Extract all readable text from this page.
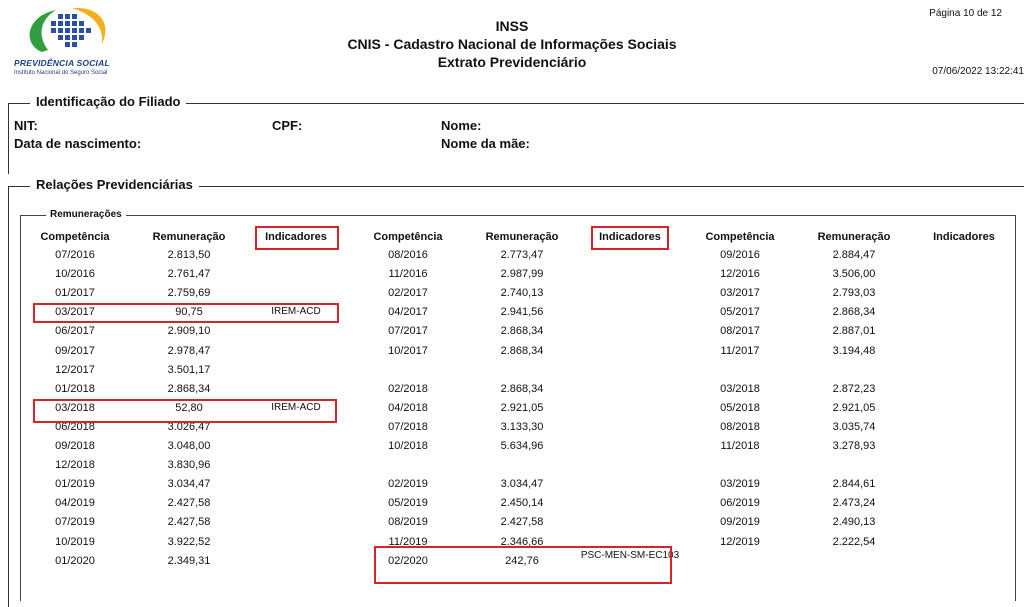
PREVIDÊNCIA SOCIAL
Instituto Nacional do Seguro Social
INSS
CNIS - Cadastro Nacional de Informações Sociais
Extrato Previdenciário
Página 10 de 12
07/06/2022 13:22:41
Identificação do Filiado
NIT:	CPF:	Nome:
Data de nascimento:	Nome da mãe:
Relações Previdenciárias
Remunerações
Competência	Remuneração	Indicadores	Competência	Remuneração	Indicadores	Competência	Remuneração	Indicadores
07/2016	2.813,50	08/2016	2.773,47	09/2016	2.884,47
10/2016	2.761,47	11/2016	2.987,99	12/2016	3.506,00
01/2017	2.759,69	02/2017	2.740,13	03/2017	2.793,03
03/2017	90,75	IREM-ACD	04/2017	2.941,56	05/2017	2.868,34
06/2017	2.909,10	07/2017	2.868,34	08/2017	2.887,01
09/2017	2.978,47	10/2017	2.868,34	11/2017	3.194,48
12/2017	3.501,17
01/2018	2.868,34	02/2018	2.868,34	03/2018	2.872,23
03/2018	52,80	IREM-ACD	04/2018	2.921,05	05/2018	2.921,05
06/2018	3.026,47	07/2018	3.133,30	08/2018	3.035,74
09/2018	3.048,00	10/2018	5.634,96	11/2018	3.278,93
12/2018	3.830,96
01/2019	3.034,47	02/2019	3.034,47	03/2019	2.844,61
04/2019	2.427,58	05/2019	2.450,14	06/2019	2.473,24
07/2019	2.427,58	08/2019	2.427,58	09/2019	2.490,13
10/2019	3.922,52	11/2019	2.346,66	12/2019	2.222,54
01/2020	2.349,31	02/2020	242,76	PSC-MEN-SM-EC103
